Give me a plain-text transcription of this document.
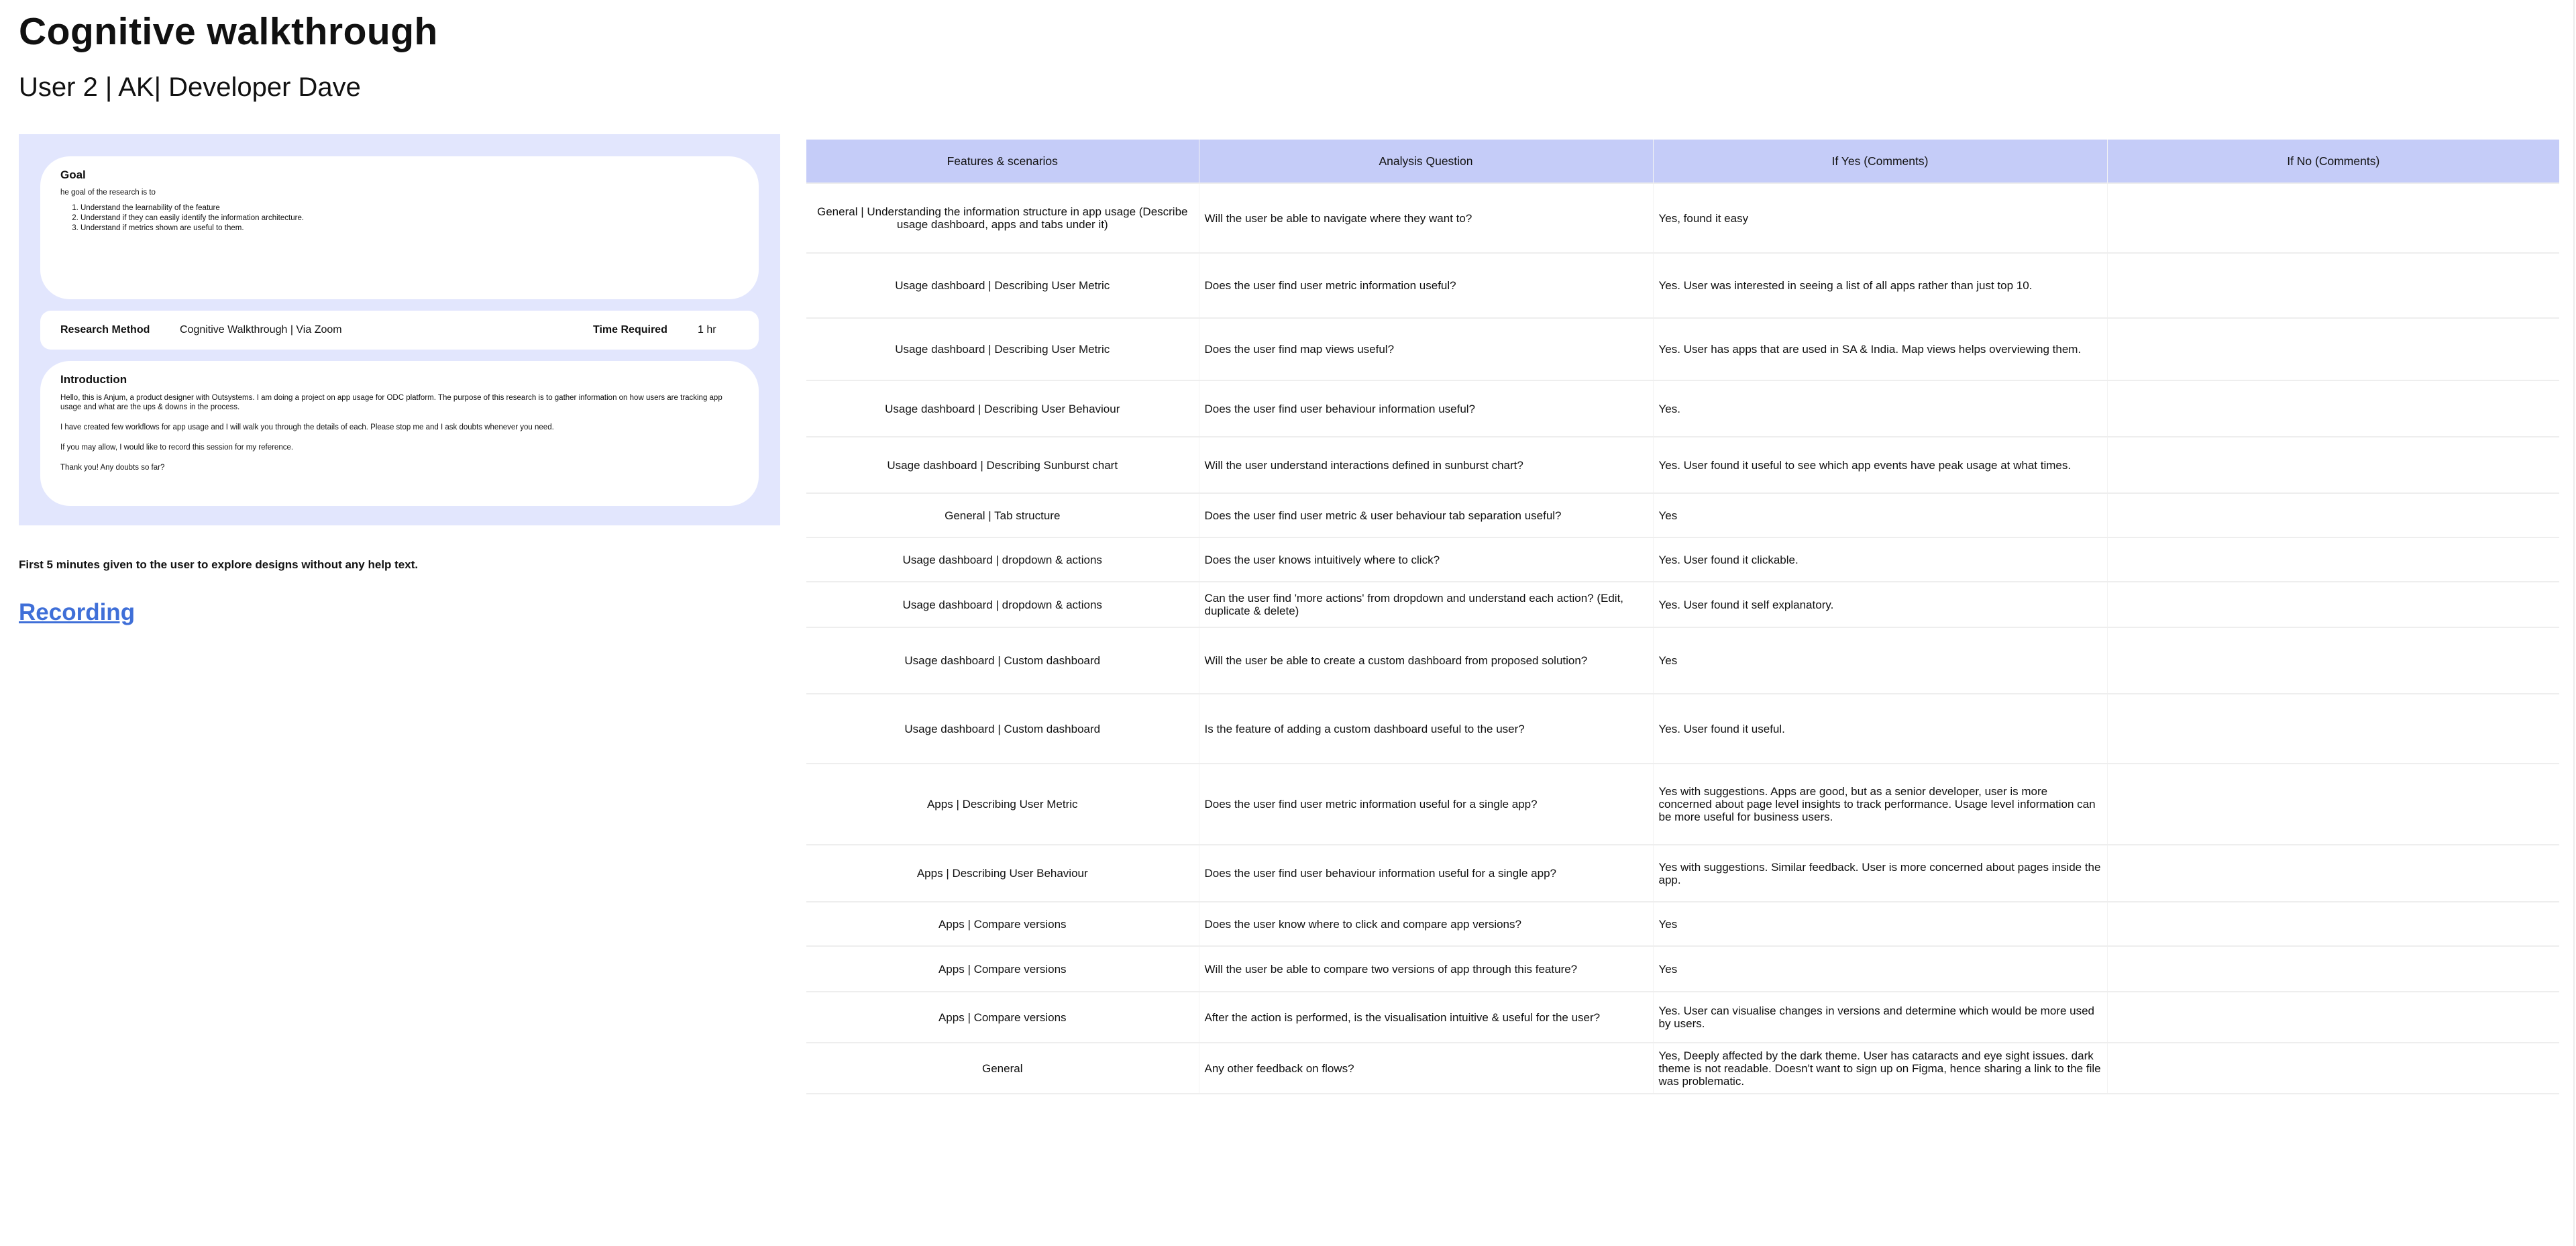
Cognitive walkthrough
User 2 | AK| Developer Dave

Goal

he goal of the research is to

1. Understand the learnability of the feature
2. Understand if they can easily identify the information architecture.
3. Understand if metrics shown are useful to them.
Research Method	Cognitive Walkthrough | Via Zoom	Time Required	1 hr

Introduction

Hello, this is Anjum, a product designer with Outsystems. I am doing a project on app usage for ODC platform. The purpose of this research is to gather information on how users are tracking app usage and what are the ups & downs in the process.

I have created few workflows for app usage and I will walk you through the details of each. Please stop me and I ask doubts whenever you need.

If you may allow, I would like to record this session for my reference.

Thank you! Any doubts so far?

First 5 minutes given to the user to explore designs without any help text.

Recording
Features & scenarios	Analysis Question	If Yes (Comments)	If No (Comments)
General | Understanding the information structure in app usage (Describe usage dashboard, apps and tabs under it)	Will the user be able to navigate where they want to?	Yes, found it easy	
Usage dashboard | Describing User Metric	Does the user find user metric information useful?	Yes. User was interested in seeing a list of all apps rather than just top 10.	
Usage dashboard | Describing User Metric	Does the user find map views useful?	Yes. User has apps that are used in SA & India. Map views helps overviewing them.	
Usage dashboard | Describing User Behaviour	Does the user find user behaviour information useful?	Yes.	
Usage dashboard | Describing Sunburst chart	Will the user understand interactions defined in sunburst chart?	Yes. User found it useful to see which app events have peak usage at what times.	
General | Tab structure	Does the user find user metric & user behaviour tab separation useful?	Yes	
Usage dashboard | dropdown & actions	Does the user knows intuitively where to click?	Yes. User found it clickable.	
Usage dashboard | dropdown & actions	Can the user find 'more actions' from dropdown and understand each action? (Edit, duplicate & delete)	Yes. User found it self explanatory.	
Usage dashboard | Custom dashboard	Will the user be able to create a custom dashboard from proposed solution?	Yes	
Usage dashboard | Custom dashboard	Is the feature of adding a custom dashboard useful to the user?	Yes. User found it useful.	
Apps | Describing User Metric	Does the user find user metric information useful for a single app?	Yes with suggestions. Apps are good, but as a senior developer, user is more concerned about page level insights to track performance. Usage level information can be more useful for business users.	
Apps | Describing User Behaviour	Does the user find user behaviour information useful for a single app?	Yes with suggestions. Similar feedback. User is more concerned about pages inside the app.	
Apps | Compare versions	Does the user know where to click and compare app versions?	Yes	
Apps | Compare versions	Will the user be able to compare two versions of app through this feature?	Yes	
Apps | Compare versions	After the action is performed, is the visualisation intuitive & useful for the user?	Yes. User can visualise changes in versions and determine which would be more used by users.	
General	Any other feedback on flows?	Yes, Deeply affected by the dark theme. User has cataracts and eye sight issues. dark theme is not readable. Doesn't want to sign up on Figma, hence sharing a link to the file was problematic.	
